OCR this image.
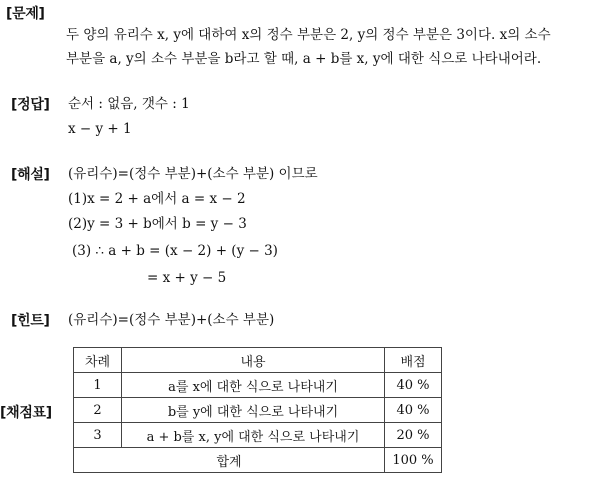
[문제]
두 양의 유리수 x, y에 대하여 x의 정수 부분은 2, y의 정수 부분은 3이다. x의 소수
부분을 a, y의 소수 부분을 b라고 할 때, a + b를 x, y에 대한 식으로 나타내어라.
[정답] 순서 : 없음, 갯수 : 1
x − y + 1
[해설] (유리수)=(정수 부분)+(소수 부분) 이므로
(1)x = 2 + a에서 a = x − 2
(2)y = 3 + b에서 b = y − 3
(3) ∴ a + b = (x − 2) + (y − 3)
= x + y − 5
[힌트] (유리수)=(정수 부분)+(소수 부분)
[채점표]
차례	내용	배점
1	a를 x에 대한 식으로 나타내기	40 %
2	b를 y에 대한 식으로 나타내기	40 %
3	a + b를 x, y에 대한 식으로 나타내기	20 %
합계		100 %
